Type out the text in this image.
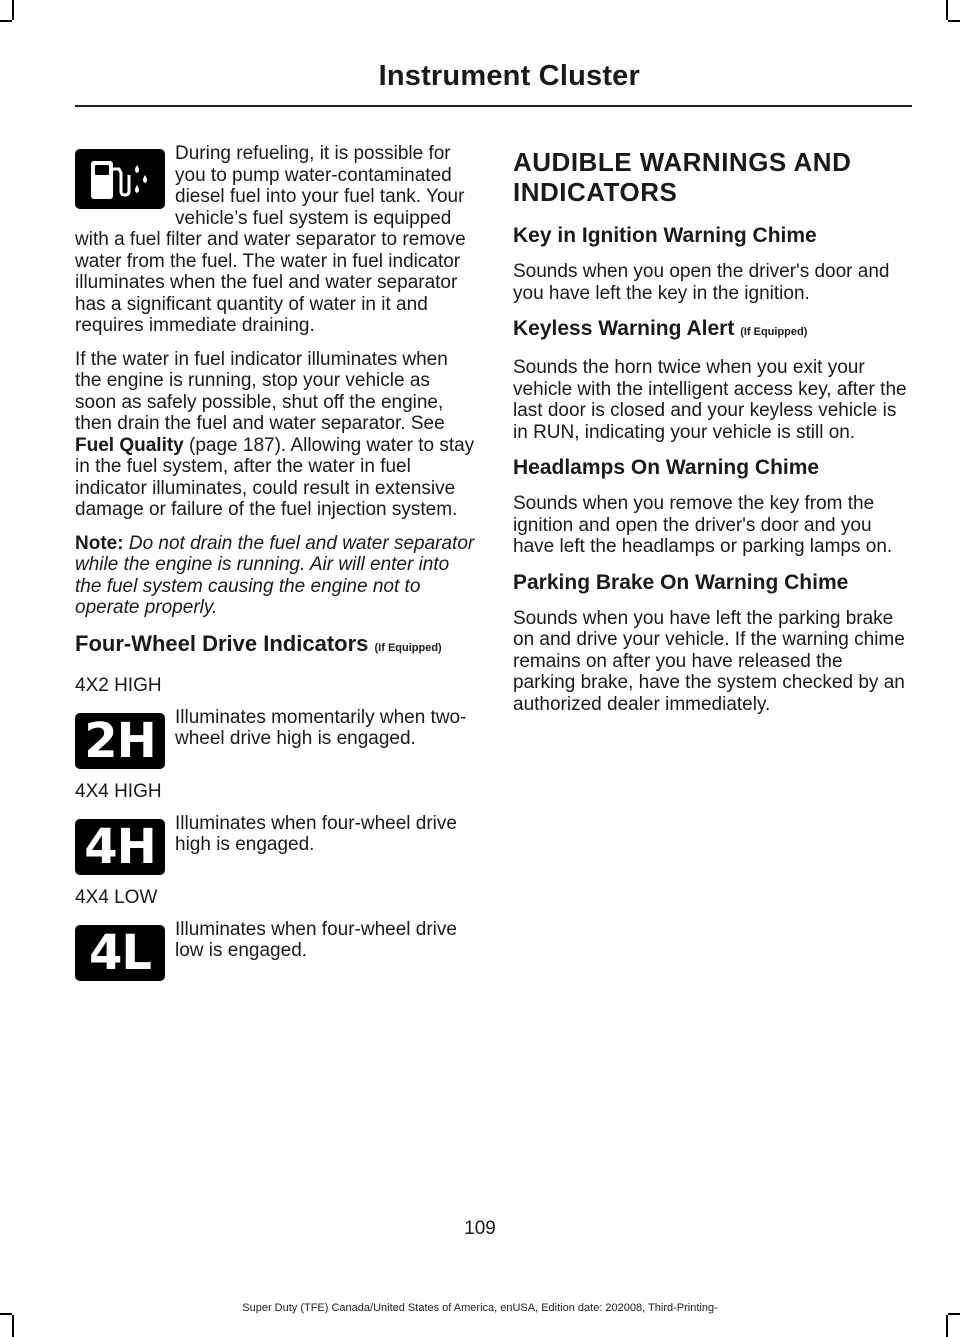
Instrument Cluster

During refueling, it is possible for you to pump water-contaminated diesel fuel into your fuel tank. Your vehicle’s fuel system is equipped with a fuel filter and water separator to remove water from the fuel. The water in fuel indicator illuminates when the fuel and water separator has a significant quantity of water in it and requires immediate draining.

If the water in fuel indicator illuminates when the engine is running, stop your vehicle as soon as safely possible, shut off the engine, then drain the fuel and water separator. See Fuel Quality (page 187). Allowing water to stay in the fuel system, after the water in fuel indicator illuminates, could result in extensive damage or failure of the fuel injection system.

Note: Do not drain the fuel and water separator while the engine is running. Air will enter into the fuel system causing the engine not to operate properly.

Four-Wheel Drive Indicators (If Equipped)
4X2 HIGH
2H	Illuminates momentarily when two-wheel drive high is engaged.
4X4 HIGH
4H	Illuminates when four-wheel drive high is engaged.
4X4 LOW
4L	Illuminates when four-wheel drive low is engaged.
AUDIBLE WARNINGS AND
INDICATORS
Key in Ignition Warning Chime

Sounds when you open the driver's door and you have left the key in the ignition.

Keyless Warning Alert (If Equipped)

Sounds the horn twice when you exit your vehicle with the intelligent access key, after the last door is closed and your keyless vehicle is in RUN, indicating your vehicle is still on.

Headlamps On Warning Chime

Sounds when you remove the key from the ignition and open the driver's door and you have left the headlamps or parking lamps on.

Parking Brake On Warning Chime

Sounds when you have left the parking brake on and drive your vehicle. If the warning chime remains on after you have released the parking brake, have the system checked by an authorized dealer immediately.

109
Super Duty (TFE) Canada/United States of America, enUSA, Edition date: 202008, Third-Printing-
